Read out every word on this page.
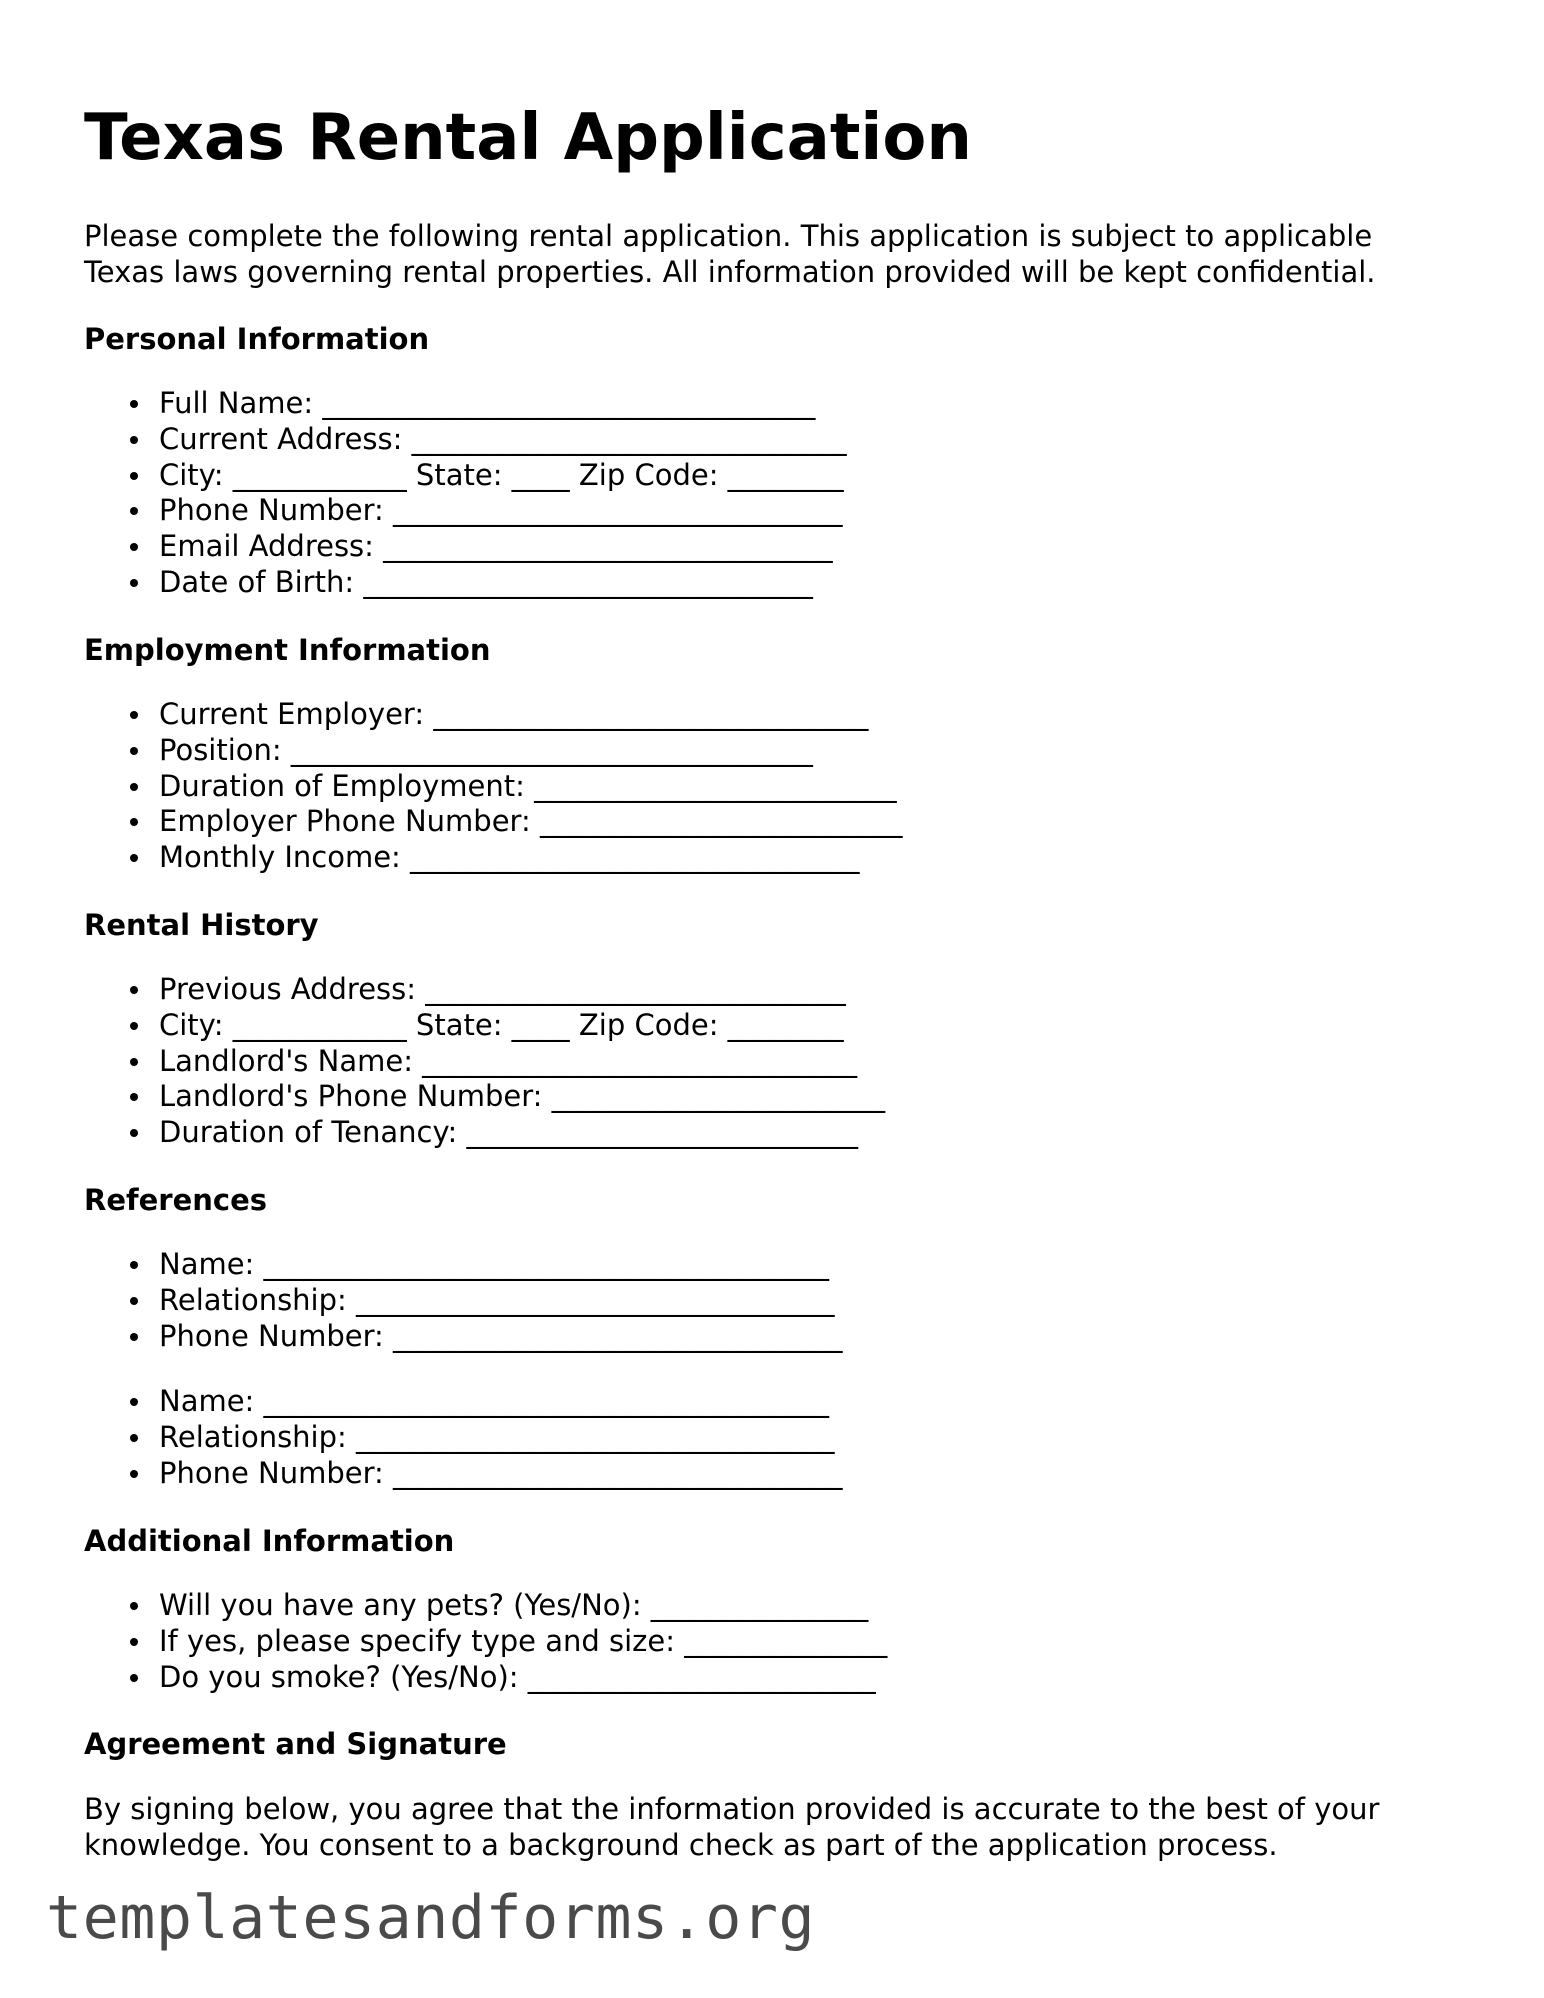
Texas Rental Application

Please complete the following rental application. This application is subject to applicable Texas laws governing rental properties. All information provided will be kept confidential.

Personal Information
Full Name: __________________________________
Current Address: ______________________________
City: ____________ State: ____ Zip Code: ________
Phone Number: _______________________________
Email Address: _______________________________
Date of Birth: _______________________________
Employment Information
Current Employer: ______________________________
Position: ____________________________________
Duration of Employment: _________________________
Employer Phone Number: _________________________
Monthly Income: _______________________________
Rental History
Previous Address: _____________________________
City: ____________ State: ____ Zip Code: ________
Landlord's Name: ______________________________
Landlord's Phone Number: _______________________
Duration of Tenancy: ___________________________
References
Name: _______________________________________
Relationship: _________________________________
Phone Number: _______________________________
Name: _______________________________________
Relationship: _________________________________
Phone Number: _______________________________
Additional Information
Will you have any pets? (Yes/No): _______________
If yes, please specify type and size: ______________
Do you smoke? (Yes/No): ________________________
Agreement and Signature

By signing below, you agree that the information provided is accurate to the best of your knowledge. You consent to a background check as part of the application process.

templatesandforms.org
